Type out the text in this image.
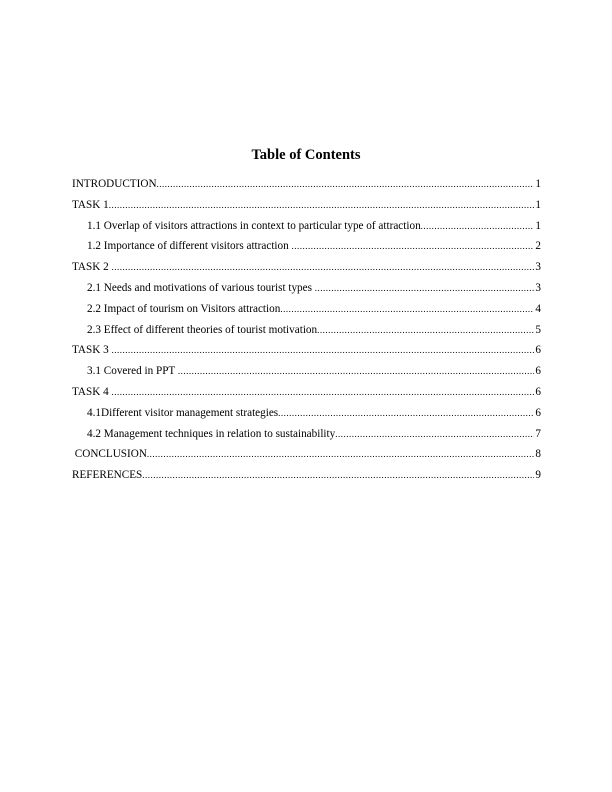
Table of Contents
INTRODUCTION .....	1
TASK 1 .....	1
1.1 Overlap of visitors attractions in context to particular type of attraction .....	1
1.2 Importance of different visitors attraction .....	2
TASK 2 .....	3
2.1 Needs and motivations of various tourist types .....	3
2.2 Impact of tourism on Visitors attraction .....	4
2.3 Effect of different theories of tourist motivation .....	5
TASK 3 .....	6
3.1 Covered in PPT .....	6
TASK 4 .....	6
4.1Different visitor management strategies .....	6
4.2 Management techniques in relation to sustainability .....	7
CONCLUSION .....	8
REFERENCES .....	9
